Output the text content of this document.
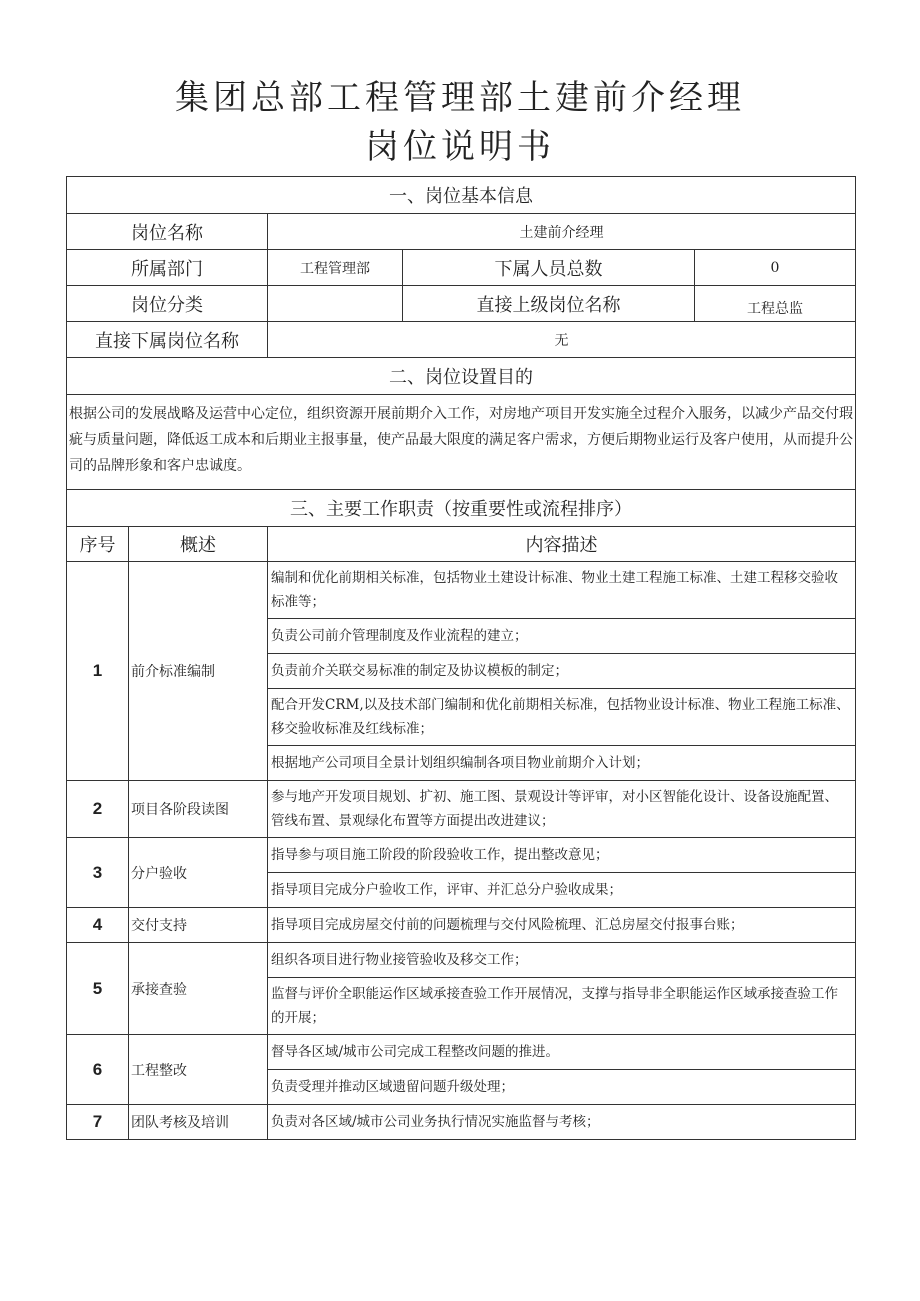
集团总部工程管理部土建前介经理
岗位说明书
一、岗位基本信息				
岗位名称		土建前介经理		
所属部门		工程管理部	下属人员总数	0
岗位分类			直接上级岗位名称	工程总监
直接下属岗位名称		无		
二、岗位设置目的				
根据公司的发展战略及运营中心定位，组织资源开展前期介入工作，对房地产项目开发实施全过程介入服务，以减少产品交付瑕疵与质量问题，降低返工成本和后期业主报事量，使产品最大限度的满足客户需求，方便后期物业运行及客户使用，从而提升公司的品牌形象和客户忠诚度。				
三、主要工作职责（按重要性或流程排序）				
序号	概述	内容描述		
1	前介标准编制	编制和优化前期相关标准，包括物业土建设计标准、物业土建工程施工标准、土建工程移交验收标准等；		
		负责公司前介管理制度及作业流程的建立；		
		负责前介关联交易标准的制定及协议模板的制定；		
		配合开发CRM,以及技术部门编制和优化前期相关标准，包括物业设计标准、物业工程施工标准、移交验收标准及红线标准；		
		根据地产公司项目全景计划组织编制各项目物业前期介入计划；		
2	项目各阶段读图	参与地产开发项目规划、扩初、施工图、景观设计等评审，对小区智能化设计、设备设施配置、管线布置、景观绿化布置等方面提出改进建议；		
3	分户验收	指导参与项目施工阶段的阶段验收工作，提出整改意见；		
		指导项目完成分户验收工作，评审、并汇总分户验收成果；		
4	交付支持	指导项目完成房屋交付前的问题梳理与交付风险梳理、汇总房屋交付报事台账；		
5	承接查验	组织各项目进行物业接管验收及移交工作；		
		监督与评价全职能运作区域承接查验工作开展情况，支撑与指导非全职能运作区域承接查验工作的开展；		
6	工程整改	督导各区域/城市公司完成工程整改问题的推进。		
		负责受理并推动区域遗留问题升级处理；		
7	团队考核及培训	负责对各区域/城市公司业务执行情况实施监督与考核；		
